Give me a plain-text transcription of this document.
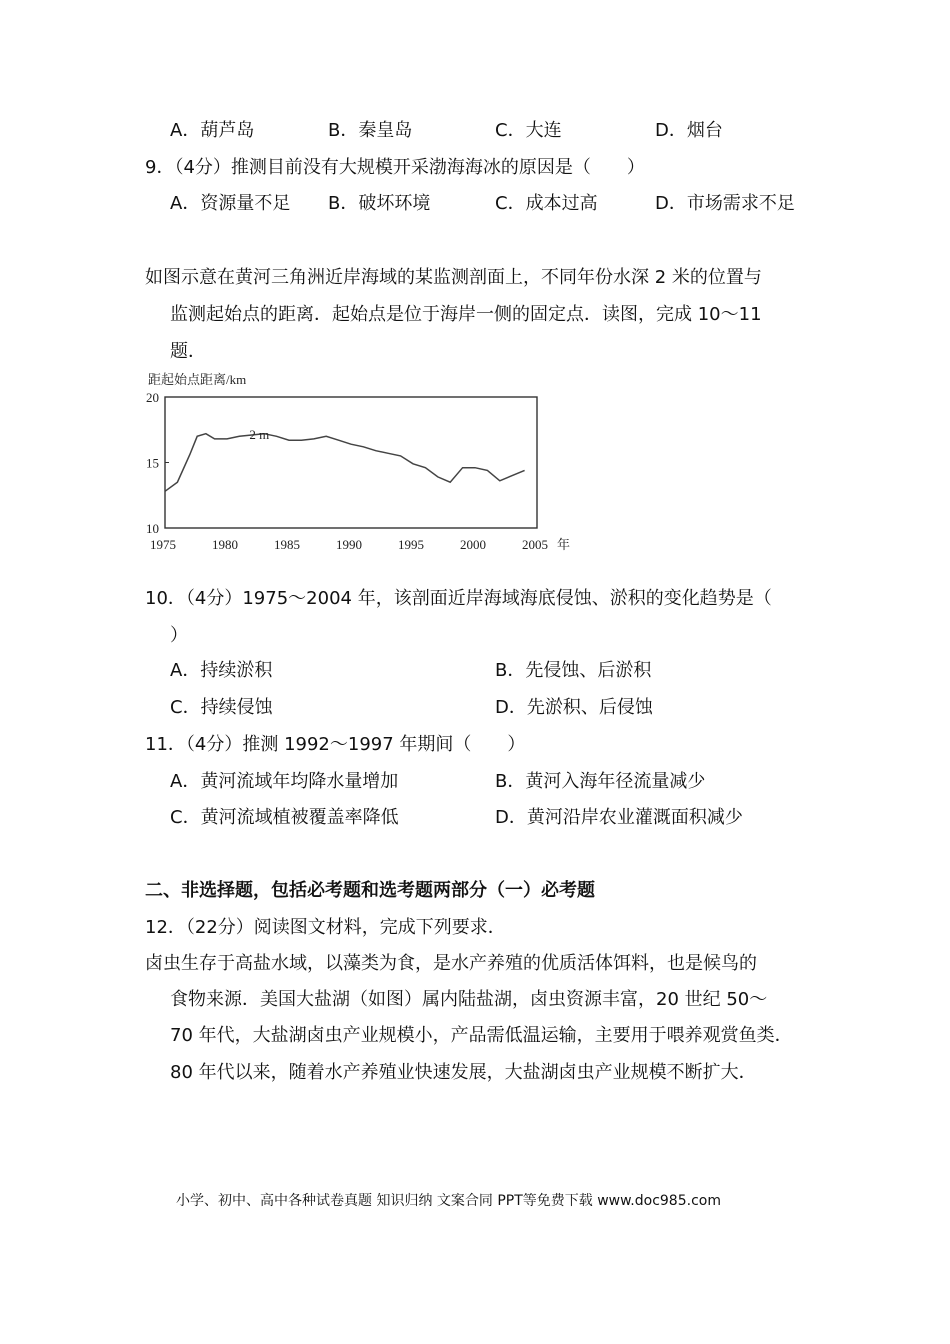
A．葫芦岛	B．秦皇岛	C．大连	D．烟台
9．（4分）推测目前没有大规模开采渤海海冰的原因是（　　）
A．资源量不足 B．破坏环境	C．成本过高	D．市场需求不足
如图示意在黄河三角洲近岸海域的某监测剖面上，不同年份水深 2 米的位置与
监测起始点的距离．起始点是位于海岸一侧的固定点．读图，完成 10～11
题．
距起始点距离/km
10
15
20
1975	1980	1985	1990	1995	2000	2005
2 m
年
10．（4分）1975～2004 年，该剖面近岸海域海底侵蚀、淤积的变化趋势是（
）
A．持续淤积	B．先侵蚀、后淤积
C．持续侵蚀	D．先淤积、后侵蚀
11．（4分）推测 1992～1997 年期间（　　）
A．黄河流域年均降水量增加	B．黄河入海年径流量减少
C．黄河流域植被覆盖率降低	D．黄河沿岸农业灌溉面积减少
二、非选择题，包括必考题和选考题两部分（一）必考题
12．（22分）阅读图文材料，完成下列要求．
卤虫生存于高盐水域，以藻类为食，是水产养殖的优质活体饵料，也是候鸟的
食物来源．美国大盐湖（如图）属内陆盐湖，卤虫资源丰富，20 世纪 50～
70 年代，大盐湖卤虫产业规模小，产品需低温运输，主要用于喂养观赏鱼类．
80 年代以来，随着水产养殖业快速发展，大盐湖卤虫产业规模不断扩大．
小学、初中、高中各种试卷真题 知识归纳 文案合同 PPT等免费下载 www.doc985.com
